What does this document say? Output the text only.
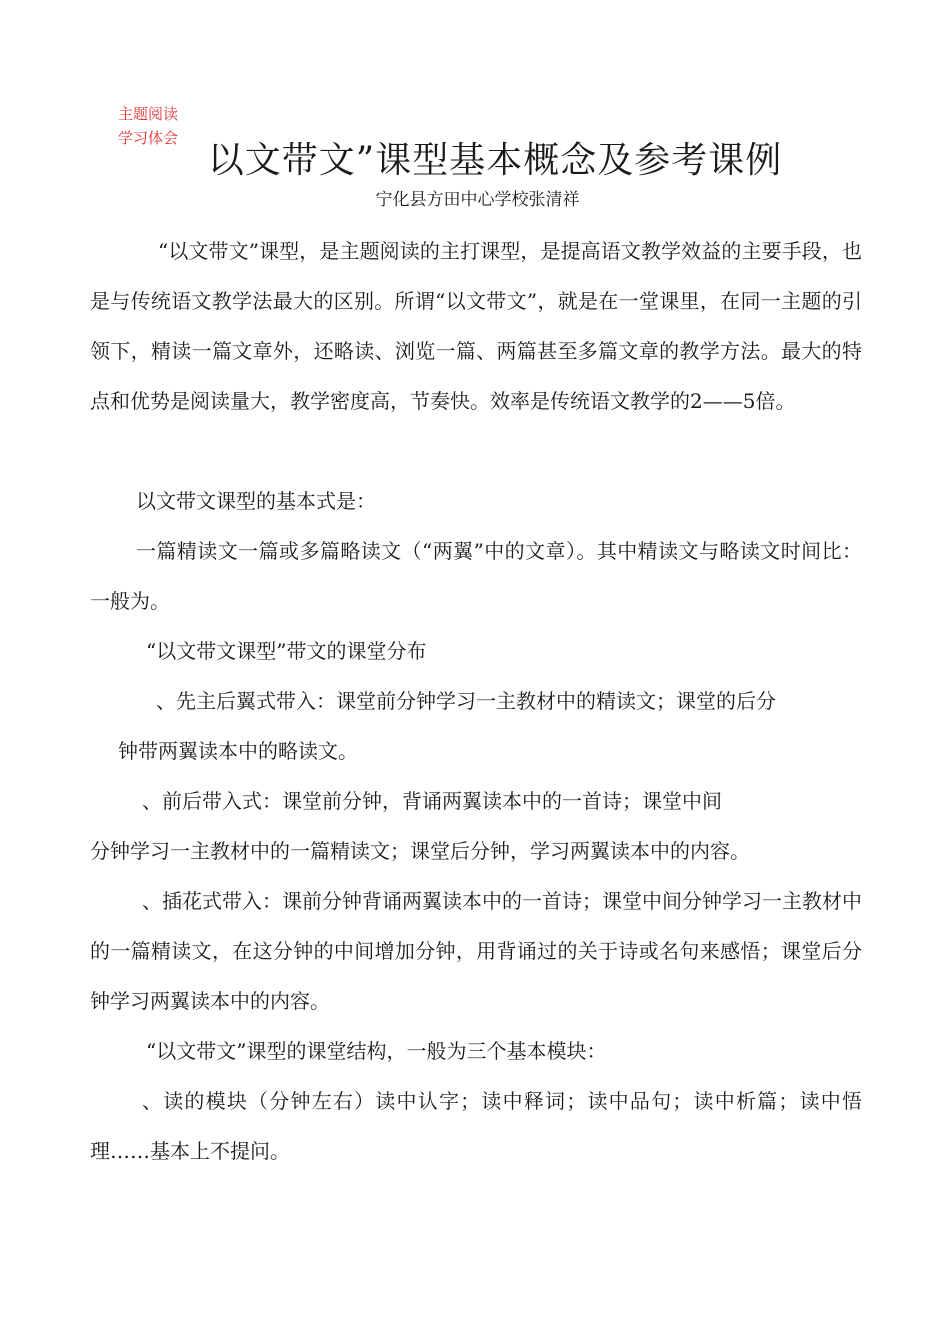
主题阅读
学习体会
以文带文”课型基本概念及参考课例
宁化县方田中心学校张清祥

“以文带文”课型，是主题阅读的主打课型，是提高语文教学效益的主要手段，也是与传统语文教学法最大的区别。所谓“以文带文”，就是在一堂课里，在同一主题的引领下，精读一篇文章外，还略读、浏览一篇、两篇甚至多篇文章的教学方法。最大的特点和优势是阅读量大，教学密度高，节奏快。效率是传统语文教学的2——5倍。

以文带文课型的基本式是：

一篇精读文一篇或多篇略读文（“两翼”中的文章）。其中精读文与略读文时间比：一般为。

“以文带文课型”带文的课堂分布

、先主后翼式带入：课堂前分钟学习一主教材中的精读文；课堂的后分

钟带两翼读本中的略读文。

、前后带入式：课堂前分钟，背诵两翼读本中的一首诗；课堂中间

分钟学习一主教材中的一篇精读文；课堂后分钟，学习两翼读本中的内容。

、插花式带入：课前分钟背诵两翼读本中的一首诗；课堂中间分钟学习一主教材中的一篇精读文，在这分钟的中间增加分钟，用背诵过的关于诗或名句来感悟；课堂后分钟学习两翼读本中的内容。

“以文带文”课型的课堂结构，一般为三个基本模块：

、读的模块（分钟左右）读中认字；读中释词；读中品句；读中析篇；读中悟理……基本上不提问。
